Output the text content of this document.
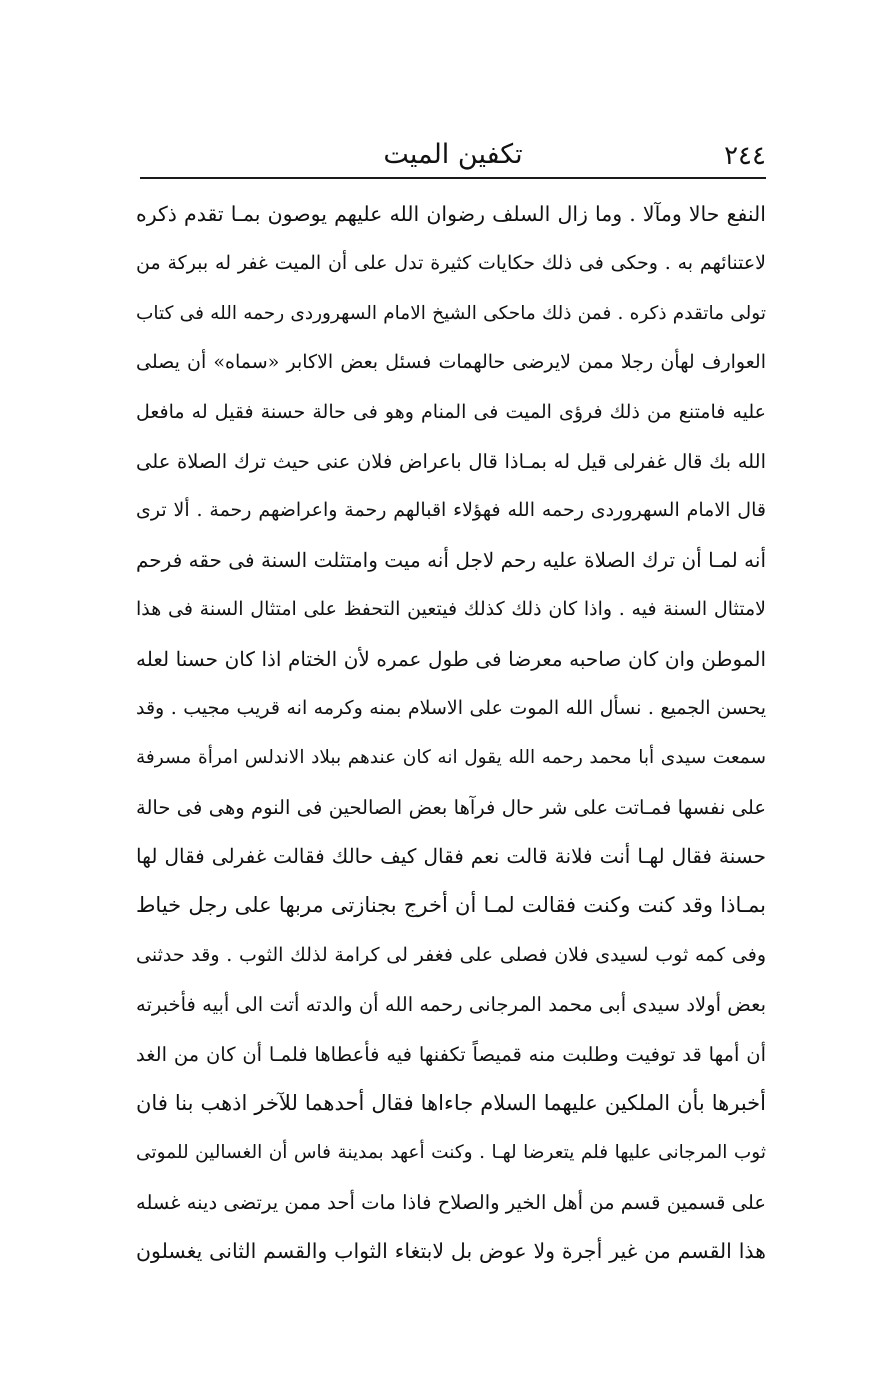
تكفين الميت	٢٤٤
النفع حالا ومآلا . وما زال السلف رضوان الله عليهم يوصون بمـا تقدم ذكره
لاعتنائهم به . وحكى فى ذلك حكايات كثيرة تدل على أن الميت غفر له ببركة من
تولى ماتقدم ذكره . فمن ذلك ماحكى الشيخ الامام السهروردى رحمه الله فى كتاب
العوارف لهأن رجلا ممن لايرضى حالهمات فسئل بعض الاكابر «سماه» أن يصلى
عليه فامتنع من ذلك فرؤى الميت فى المنام وهو فى حالة حسنة فقيل له مافعل
الله بك قال غفرلى قيل له بمـاذا قال باعراض فلان عنى حيث ترك الصلاة على
قال الامام السهروردى رحمه الله فهؤلاء اقبالهم رحمة واعراضهم رحمة . ألا ترى
أنه لمـا أن ترك الصلاة عليه رحم لاجل أنه ميت وامتثلت السنة فى حقه فرحم
لامتثال السنة فيه . واذا كان ذلك كذلك فيتعين التحفظ على امتثال السنة فى هذا
الموطن وان كان صاحبه معرضا فى طول عمره لأن الختام اذا كان حسنا لعله
يحسن الجميع . نسأل الله الموت على الاسلام بمنه وكرمه انه قريب مجيب . وقد
سمعت سيدى أبا محمد رحمه الله يقول انه كان عندهم ببلاد الاندلس امرأة مسرفة
على نفسها فمـاتت على شر حال فرآها بعض الصالحين فى النوم وهى فى حالة
حسنة فقال لهـا أنت فلانة قالت نعم فقال كيف حالك فقالت غفرلى فقال لها
بمـاذا وقد كنت وكنت فقالت لمـا أن أخرج بجنازتى مربها على رجل خياط
وفى كمه ثوب لسيدى فلان فصلى على فغفر لى كرامة لذلك الثوب . وقد حدثنى
بعض أولاد سيدى أبى محمد المرجانى رحمه الله أن والدته أتت الى أبيه فأخبرته
أن أمها قد توفيت وطلبت منه قميصاً تكفنها فيه فأعطاها فلمـا أن كان من الغد
أخبرها بأن الملكين عليهما السلام جاءاها فقال أحدهما للآخر اذهب بنا فان
ثوب المرجانى عليها فلم يتعرضا لهـا . وكنت أعهد بمدينة فاس أن الغسالين للموتى
على قسمين قسم من أهل الخير والصلاح فاذا مات أحد ممن يرتضى دينه غسله
هذا القسم من غير أجرة ولا عوض بل لابتغاء الثواب والقسم الثانى يغسلون
